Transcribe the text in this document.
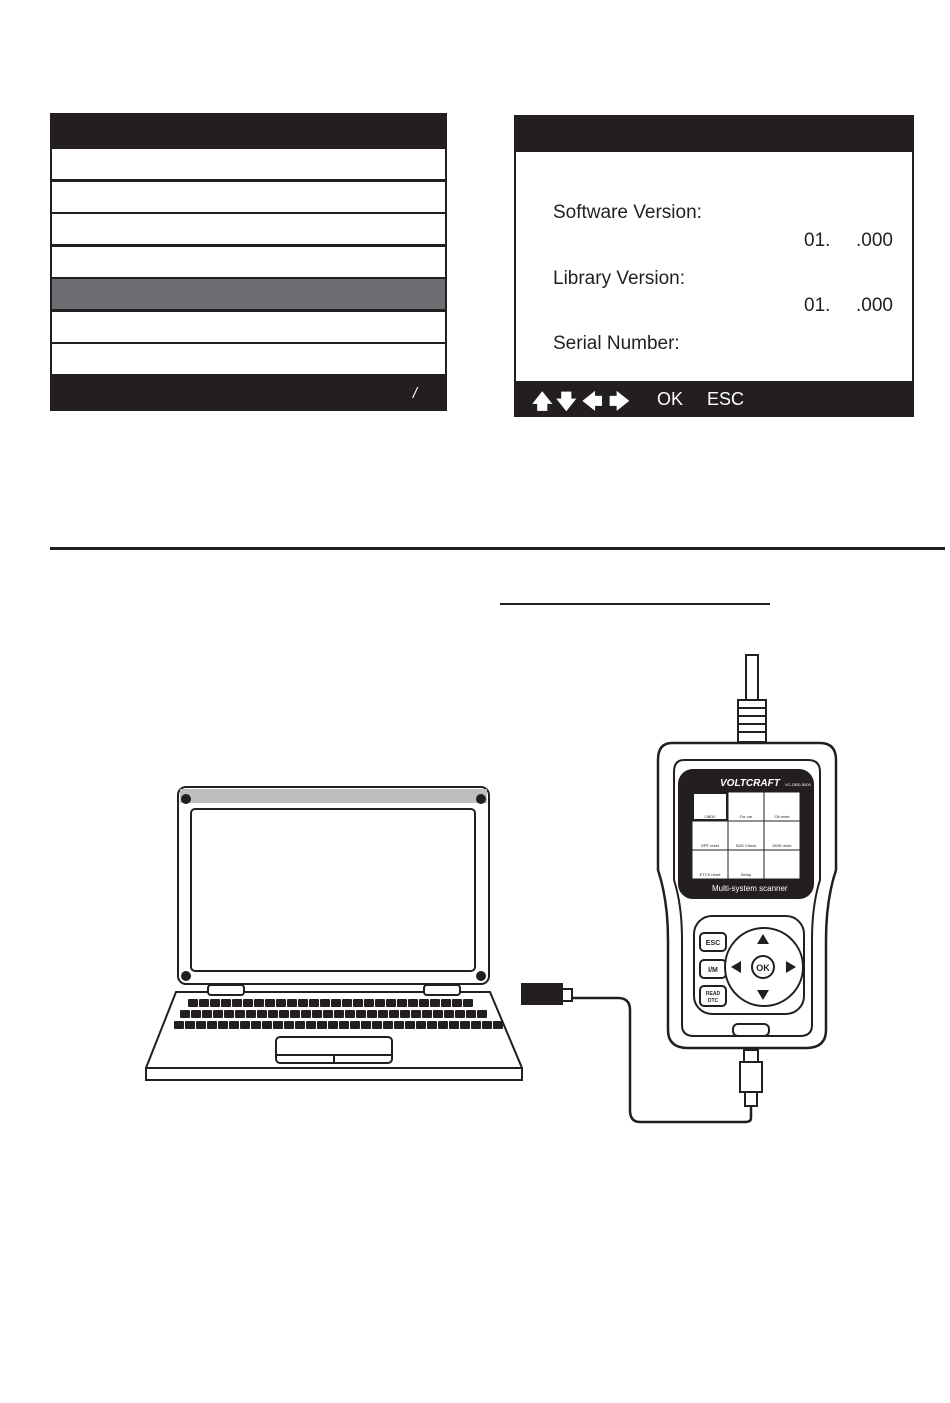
/
Software Version:
01. .000
Library Version:
01. .000
Serial Number:
🡅 🡇 🡄 🡆 OK ESC
VOLTCRAFT VC-OBD-5000
Multi-system scanner
OBDII	For car	Oil reset
DPF reset	SAS Check	DMS reset
ETCS reset	Setup
ESC
I/M
READ
DTC
OK
